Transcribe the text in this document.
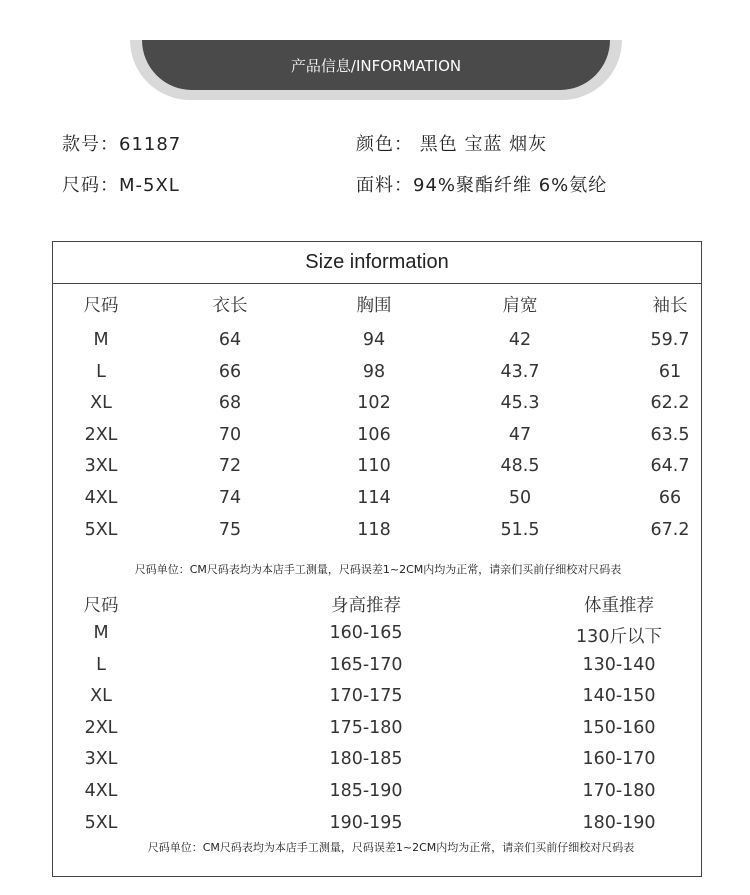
产品信息/INFORMATION
款号：61187	颜色： 黑色 宝蓝 烟灰
尺码：M-5XL	面料：94%聚酯纤维 6%氨纶
Size information
尺码	衣长	胸围	肩宽	袖长
M	64	94	42	59.7
L	66	98	43.7	61
XL	68	102	45.3	62.2
2XL	70	106	47	63.5
3XL	72	110	48.5	64.7
4XL	74	114	50	66
5XL	75	118	51.5	67.2
尺码单位：CM尺码表均为本店手工测量，尺码误差1~2CM内均为正常，请亲们买前仔细校对尺码表
尺码	身高推荐	体重推荐
M	160-165	130斤以下
L	165-170	130-140
XL	170-175	140-150
2XL	175-180	150-160
3XL	180-185	160-170
4XL	185-190	170-180
5XL	190-195	180-190
尺码单位：CM尺码表均为本店手工测量，尺码误差1~2CM内均为正常，请亲们买前仔细校对尺码表
